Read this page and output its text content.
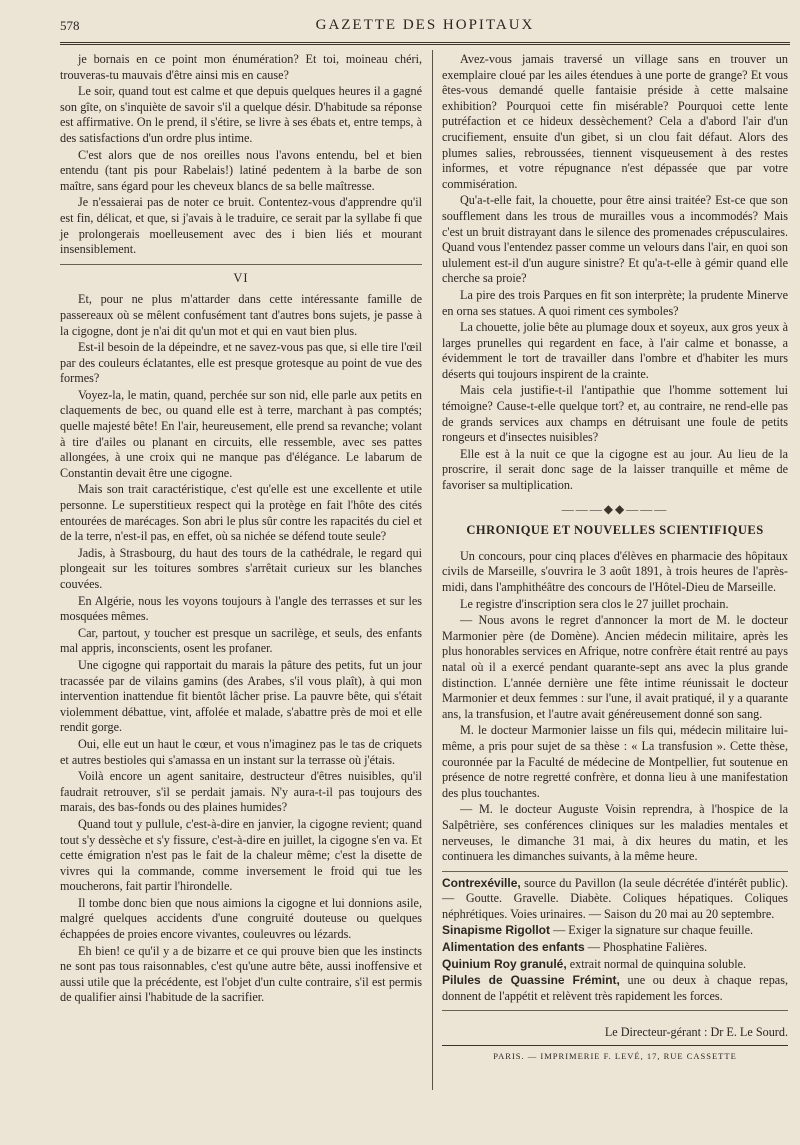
578	GAZETTE DES HOPITAUX

je bornais en ce point mon énumération? Et toi, moineau chéri, trouveras-tu mauvais d'être ainsi mis en cause?

Le soir, quand tout est calme et que depuis quelques heures il a gagné son gîte, on s'inquiète de savoir s'il a quelque désir. D'habitude sa réponse est affirmative. On le prend, il s'étire, se livre à ses ébats et, entre temps, à des satisfactions d'un ordre plus intime.

C'est alors que de nos oreilles nous l'avons entendu, bel et bien entendu (tant pis pour Rabelais!) latiné pedentem à la barbe de son maître, sans égard pour les cheveux blancs de sa belle maîtresse.

Je n'essaierai pas de noter ce bruit. Contentez-vous d'apprendre qu'il est fin, délicat, et que, si j'avais à le traduire, ce serait par la syllabe fi que je prolongerais moelleusement avec des i bien liés et mourant insensiblement.

VI

Et, pour ne plus m'attarder dans cette intéressante famille de passereaux où se mêlent confusément tant d'autres bons sujets, je passe à la cigogne, dont je n'ai dit qu'un mot et qui en vaut bien plus.

Est-il besoin de la dépeindre, et ne savez-vous pas que, si elle tire l'œil par des couleurs éclatantes, elle est presque grotesque au point de vue des formes?

Voyez-la, le matin, quand, perchée sur son nid, elle parle aux petits en claquements de bec, ou quand elle est à terre, marchant à pas comptés; quelle majesté bête! En l'air, heureusement, elle prend sa revanche; volant à tire d'ailes ou planant en circuits, elle ressemble, avec ses pattes allongées, à une croix qui ne manque pas d'élégance. Le labarum de Constantin devait être une cigogne.

Mais son trait caractéristique, c'est qu'elle est une excellente et utile personne. Le superstitieux respect qui la protège en fait l'hôte des cités entourées de marécages. Son abri le plus sûr contre les rapacités du ciel et de la terre, n'est-il pas, en effet, où sa nichée se défend toute seule?

Jadis, à Strasbourg, du haut des tours de la cathédrale, le regard qui plongeait sur les toitures sombres s'arrêtait curieux sur les blanches couvées.

En Algérie, nous les voyons toujours à l'angle des terrasses et sur les mosquées mêmes.

Car, partout, y toucher est presque un sacrilège, et seuls, des enfants mal appris, inconscients, osent les profaner.

Une cigogne qui rapportait du marais la pâture des petits, fut un jour tracassée par de vilains gamins (des Arabes, s'il vous plaît), à qui mon intervention inattendue fit bientôt lâcher prise. La pauvre bête, qui s'était violemment débattue, vint, affolée et malade, s'abattre près de moi et elle rendit gorge.

Oui, elle eut un haut le cœur, et vous n'imaginez pas le tas de criquets et autres bestioles qui s'amassa en un instant sur la terrasse où j'étais.

Voilà encore un agent sanitaire, destructeur d'êtres nuisibles, qu'il faudrait retrouver, s'il se perdait jamais. N'y aura-t-il pas toujours des marais, des bas-fonds ou des plaines humides?

Quand tout y pullule, c'est-à-dire en janvier, la cigogne revient; quand tout s'y dessèche et s'y fissure, c'est-à-dire en juillet, la cigogne s'en va. Et cette émigration n'est pas le fait de la chaleur même; c'est la disette de vivres qui la commande, comme inversement le froid qui tue les moucherons, fait partir l'hirondelle.

Il tombe donc bien que nous aimions la cigogne et lui donnions asile, malgré quelques accidents d'une congruité douteuse ou quelques échappées de proies encore vivantes, couleuvres ou lézards.

Eh bien! ce qu'il y a de bizarre et ce qui prouve bien que les instincts ne sont pas tous raisonnables, c'est qu'une autre bête, aussi inoffensive et aussi utile que la précédente, est l'objet d'un culte contraire, s'il est permis de qualifier ainsi l'habitude de la sacrifier.

Avez-vous jamais traversé un village sans en trouver un exemplaire cloué par les ailes étendues à une porte de grange? Et vous êtes-vous demandé quelle fantaisie préside à cette malsaine exhibition? Pourquoi cette fin misérable? Pourquoi cette lente putréfaction et ce hideux dessèchement? Cela a d'abord l'air d'un crucifiement, ensuite d'un gibet, si un clou fait défaut. Alors des plumes salies, rebroussées, tiennent visqueusement à des restes informes, et votre répugnance n'est dépassée que par votre commisération.

Qu'a-t-elle fait, la chouette, pour être ainsi traitée? Est-ce que son soufflement dans les trous de murailles vous a incommodés? Mais c'est un bruit distrayant dans le silence des promenades crépusculaires. Quand vous l'entendez passer comme un velours dans l'air, en quoi son ululement est-il d'un augure sinistre? Et qu'a-t-elle à gémir quand elle cherche sa proie?

La pire des trois Parques en fit son interprète; la prudente Minerve en orna ses statues. A quoi riment ces symboles?

La chouette, jolie bête au plumage doux et soyeux, aux gros yeux à larges prunelles qui regardent en face, à l'air calme et bonasse, a évidemment le tort de travailler dans l'ombre et d'habiter les murs déserts qui toujours inspirent de la crainte.

Mais cela justifie-t-il l'antipathie que l'homme sottement lui témoigne? Cause-t-elle quelque tort? et, au contraire, ne rend-elle pas de grands services aux champs en détruisant une foule de petits rongeurs et d'insectes nuisibles?

Elle est à la nuit ce que la cigogne est au jour. Au lieu de la proscrire, il serait donc sage de la laisser tranquille et même de favoriser sa multiplication.

———◆◆———
CHRONIQUE ET NOUVELLES SCIENTIFIQUES

Un concours, pour cinq places d'élèves en pharmacie des hôpitaux civils de Marseille, s'ouvrira le 3 août 1891, à trois heures de l'après-midi, dans l'amphithéâtre des concours de l'Hôtel-Dieu de Marseille.

Le registre d'inscription sera clos le 27 juillet prochain.

— Nous avons le regret d'annoncer la mort de M. le docteur Marmonier père (de Domène). Ancien médecin militaire, après les plus honorables services en Afrique, notre confrère était rentré au pays natal où il a exercé pendant quarante-sept ans avec la plus grande distinction. L'année dernière une fête intime réunissait le docteur Marmonier et deux femmes : sur l'une, il avait pratiqué, il y a quarante ans, la transfusion, et l'autre avait généreusement donné son sang.

M. le docteur Marmonier laisse un fils qui, médecin militaire lui-même, a pris pour sujet de sa thèse : « La transfusion ». Cette thèse, couronnée par la Faculté de médecine de Montpellier, fut soutenue en présence de notre regretté confrère, et donna lieu à une manifestation des plus touchantes.

— M. le docteur Auguste Voisin reprendra, à l'hospice de la Salpêtrière, ses conférences cliniques sur les maladies mentales et nerveuses, le dimanche 31 mai, à dix heures du matin, et les continuera les dimanches suivants, à la même heure.

Contrexéville, source du Pavillon (la seule décrétée d'intérêt public). — Goutte. Gravelle. Diabète. Coliques hépatiques. Coliques néphrétiques. Voies urinaires. — Saison du 20 mai au 20 septembre.

Sinapisme Rigollot — Exiger la signature sur chaque feuille.

Alimentation des enfants — Phosphatine Falières.

Quinium Roy granulé, extrait normal de quinquina soluble.

Pilules de Quassine Frémint, une ou deux à chaque repas, donnent de l'appétit et relèvent très rapidement les forces.

Le Directeur-gérant : Dr E. Le Sourd.
PARIS. — IMPRIMERIE F. LEVÉ, 17, RUE CASSETTE
